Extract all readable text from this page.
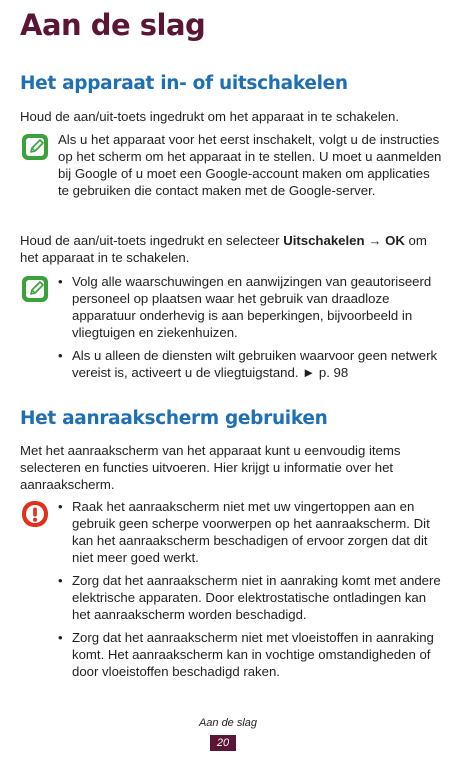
Aan de slag
Het apparaat in- of uitschakelen

Houd de aan/uit-toets ingedrukt om het apparaat in te schakelen.

Als u het apparaat voor het eerst inschakelt, volgt u de instructies op het scherm om het apparaat in te stellen. U moet u aanmelden bij Google of u moet een Google-account maken om applicaties te gebruiken die contact maken met de Google-server.

Houd de aan/uit-toets ingedrukt en selecteer Uitschakelen → OK om het apparaat in te schakelen.

• Volg alle waarschuwingen en aanwijzingen van geautoriseerd personeel op plaatsen waar het gebruik van draadloze apparatuur onderhevig is aan beperkingen, bijvoorbeeld in vliegtuigen en ziekenhuizen.
• Als u alleen de diensten wilt gebruiken waarvoor geen netwerk vereist is, activeert u de vliegtuigstand. ► p. 98
Het aanraakscherm gebruiken

Met het aanraakscherm van het apparaat kunt u eenvoudig items selecteren en functies uitvoeren. Hier krijgt u informatie over het aanraakscherm.

• Raak het aanraakscherm niet met uw vingertoppen aan en gebruik geen scherpe voorwerpen op het aanraakscherm. Dit kan het aanraakscherm beschadigen of ervoor zorgen dat dit niet meer goed werkt.
• Zorg dat het aanraakscherm niet in aanraking komt met andere elektrische apparaten. Door elektrostatische ontladingen kan het aanraakscherm worden beschadigd.
• Zorg dat het aanraakscherm niet met vloeistoffen in aanraking komt. Het aanraakscherm kan in vochtige omstandigheden of door vloeistoffen beschadigd raken.
Aan de slag
20
